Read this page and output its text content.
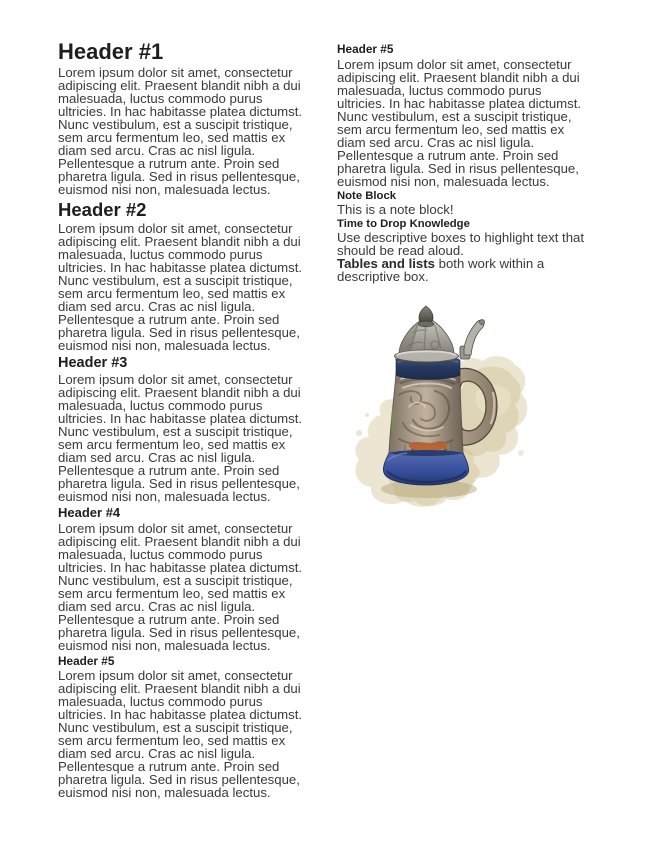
Header #1

Lorem ipsum dolor sit amet, consectetur adipiscing elit. Praesent blandit nibh a dui malesuada, luctus commodo purus ultricies. In hac habitasse platea dictumst. Nunc vestibulum, est a suscipit tristique, sem arcu fermentum leo, sed mattis ex diam sed arcu. Cras ac nisl ligula. Pellentesque a rutrum ante. Proin sed pharetra ligula. Sed in risus pellentesque, euismod nisi non, malesuada lectus.

Header #2

Lorem ipsum dolor sit amet, consectetur adipiscing elit. Praesent blandit nibh a dui malesuada, luctus commodo purus ultricies. In hac habitasse platea dictumst. Nunc vestibulum, est a suscipit tristique, sem arcu fermentum leo, sed mattis ex diam sed arcu. Cras ac nisl ligula. Pellentesque a rutrum ante. Proin sed pharetra ligula. Sed in risus pellentesque, euismod nisi non, malesuada lectus.

Header #3

Lorem ipsum dolor sit amet, consectetur adipiscing elit. Praesent blandit nibh a dui malesuada, luctus commodo purus ultricies. In hac habitasse platea dictumst. Nunc vestibulum, est a suscipit tristique, sem arcu fermentum leo, sed mattis ex diam sed arcu. Cras ac nisl ligula. Pellentesque a rutrum ante. Proin sed pharetra ligula. Sed in risus pellentesque, euismod nisi non, malesuada lectus.

Header #4

Lorem ipsum dolor sit amet, consectetur adipiscing elit. Praesent blandit nibh a dui malesuada, luctus commodo purus ultricies. In hac habitasse platea dictumst. Nunc vestibulum, est a suscipit tristique, sem arcu fermentum leo, sed mattis ex diam sed arcu. Cras ac nisl ligula. Pellentesque a rutrum ante. Proin sed pharetra ligula. Sed in risus pellentesque, euismod nisi non, malesuada lectus.

Header #5

Lorem ipsum dolor sit amet, consectetur adipiscing elit. Praesent blandit nibh a dui malesuada, luctus commodo purus ultricies. In hac habitasse platea dictumst. Nunc vestibulum, est a suscipit tristique, sem arcu fermentum leo, sed mattis ex diam sed arcu. Cras ac nisl ligula. Pellentesque a rutrum ante. Proin sed pharetra ligula. Sed in risus pellentesque, euismod nisi non, malesuada lectus.

Header #5

Lorem ipsum dolor sit amet, consectetur adipiscing elit. Praesent blandit nibh a dui malesuada, luctus commodo purus ultricies. In hac habitasse platea dictumst. Nunc vestibulum, est a suscipit tristique, sem arcu fermentum leo, sed mattis ex diam sed arcu. Cras ac nisl ligula. Pellentesque a rutrum ante. Proin sed pharetra ligula. Sed in risus pellentesque, euismod nisi non, malesuada lectus.

Note Block

This is a note block!

Time to Drop Knowledge

Use descriptive boxes to highlight text that should be read aloud.

Tables and lists both work within a descriptive box.
